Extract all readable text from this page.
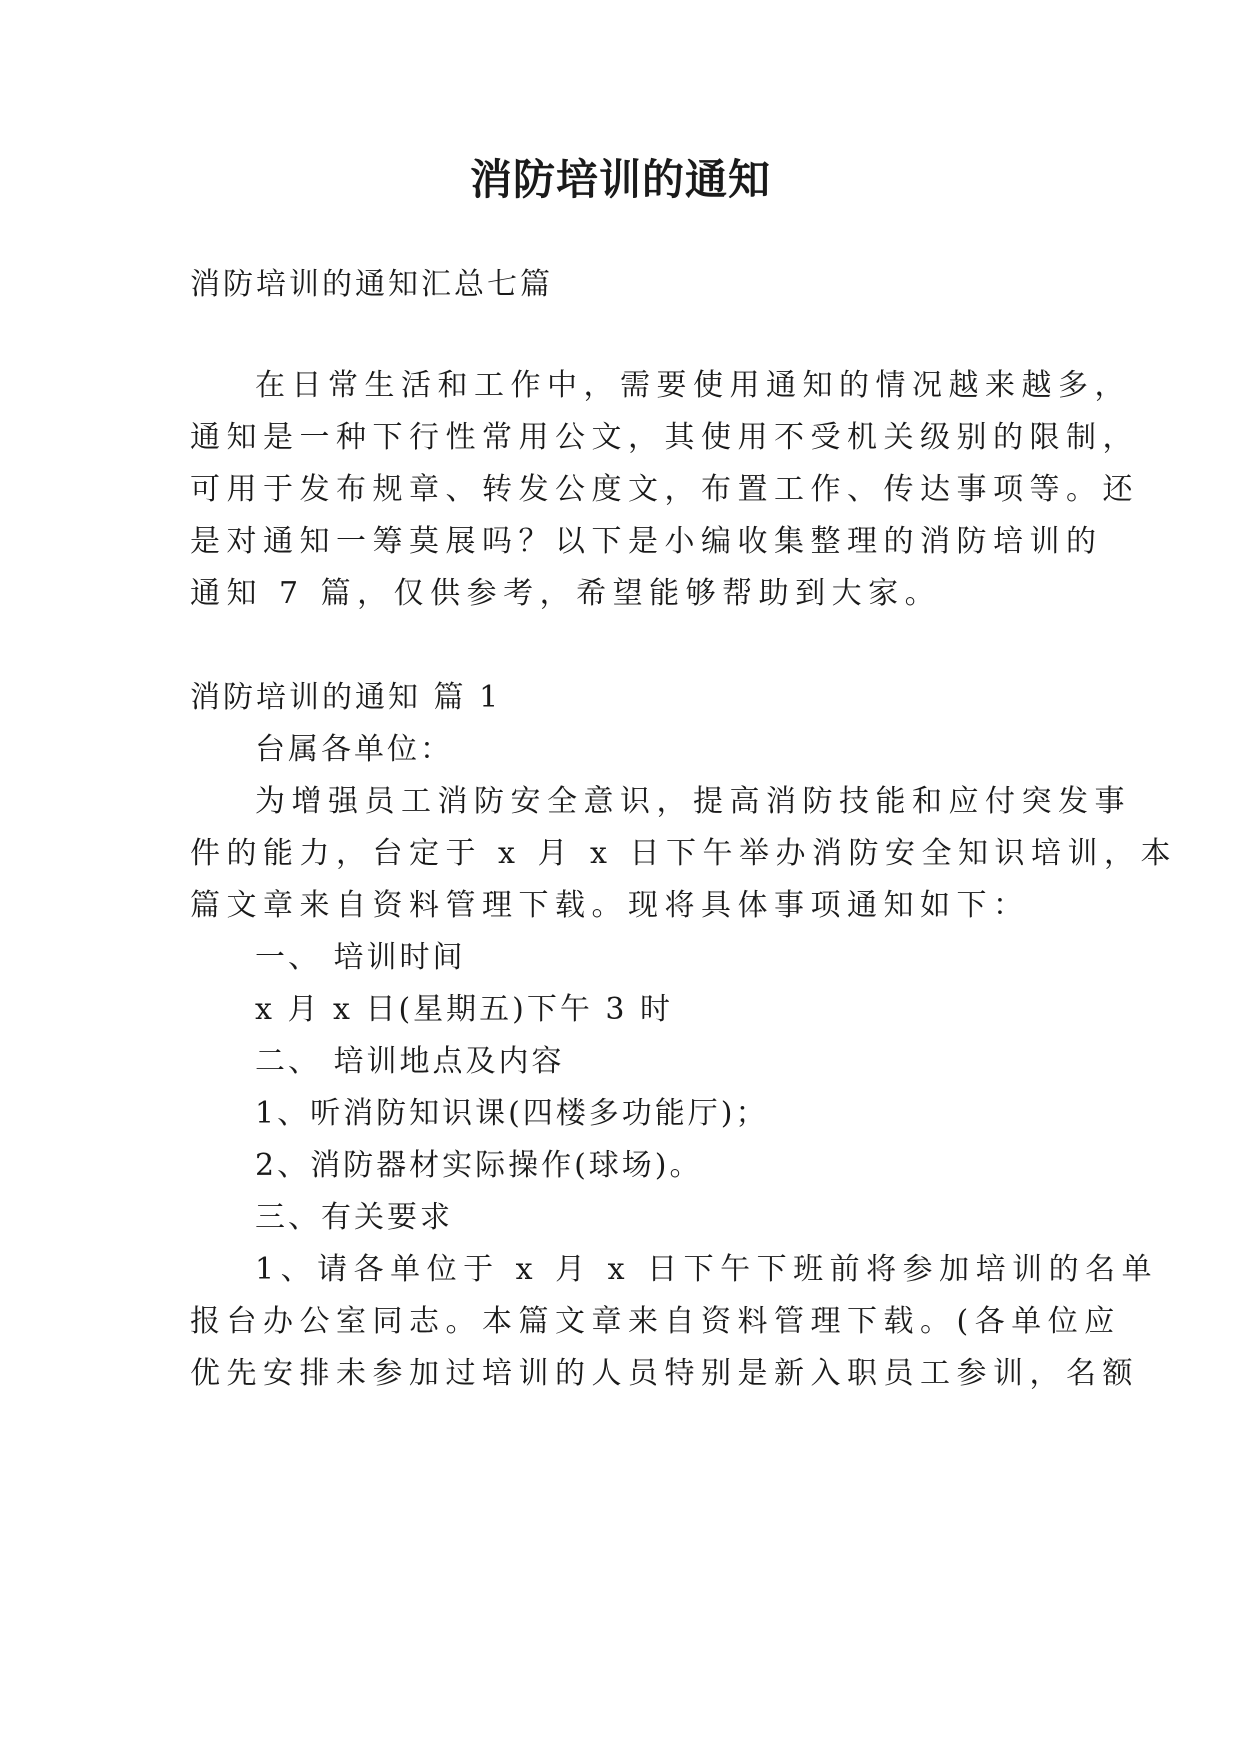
消防培训的通知

消防培训的通知汇总七篇

在日常生活和工作中，需要使用通知的情况越来越多，

通知是一种下行性常用公文，其使用不受机关级别的限制，

可用于发布规章、转发公度文，布置工作、传达事项等。还

是对通知一筹莫展吗？以下是小编收集整理的消防培训的

通知 7 篇，仅供参考，希望能够帮助到大家。

消防培训的通知 篇 1

台属各单位：

为增强员工消防安全意识，提高消防技能和应付突发事

件的能力，台定于 x 月 x 日下午举办消防安全知识培训，本

篇文章来自资料管理下载。现将具体事项通知如下：

一、 培训时间

x 月 x 日(星期五)下午 3 时

二、 培训地点及内容

1、听消防知识课(四楼多功能厅)；

2、消防器材实际操作(球场)。

三、有关要求

1、请各单位于 x 月 x 日下午下班前将参加培训的名单

报台办公室同志。本篇文章来自资料管理下载。(各单位应

优先安排未参加过培训的人员特别是新入职员工参训，名额
